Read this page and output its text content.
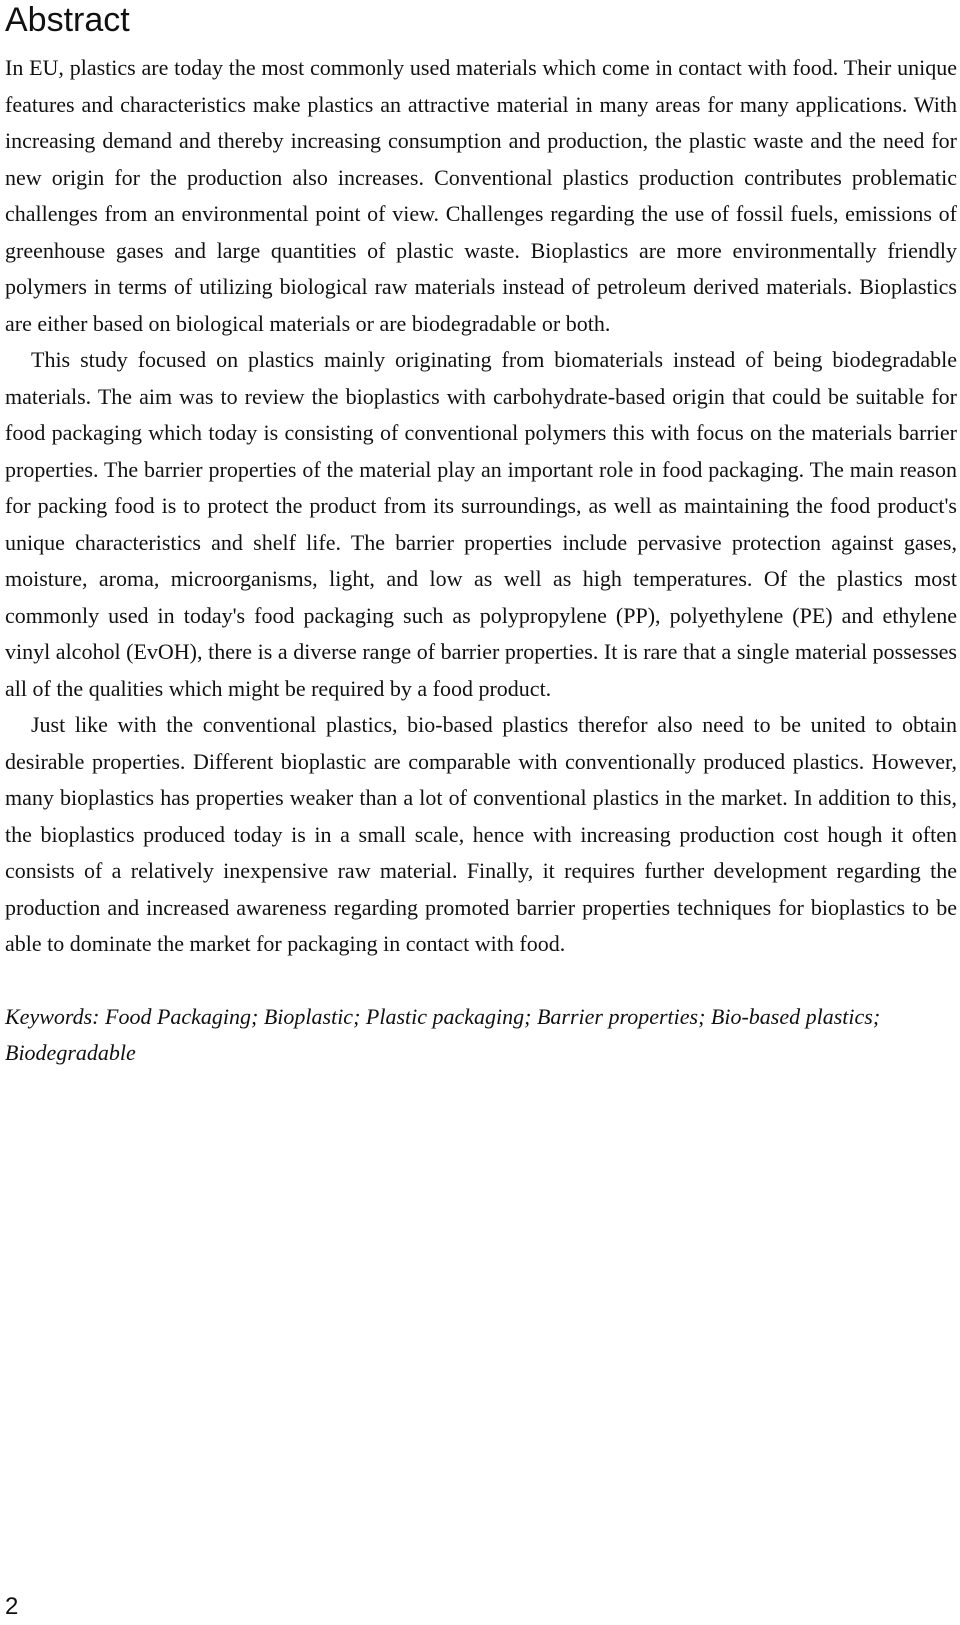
Abstract

In EU, plastics are today the most commonly used materials which come in contact with food. Their unique features and characteristics make plastics an attractive material in many areas for many applications. With increasing demand and thereby increasing consumption and production, the plastic waste and the need for new origin for the production also increases. Conventional plastics production contributes problematic challenges from an environmental point of view. Challenges regarding the use of fossil fuels, emissions of greenhouse gases and large quantities of plastic waste. Bioplastics are more environmentally friendly polymers in terms of utilizing biological raw materials instead of petroleum derived materials. Bioplastics are either based on biological materials or are biodegradable or both.

This study focused on plastics mainly originating from biomaterials instead of being biodegradable materials. The aim was to review the bioplastics with carbohydrate-based origin that could be suitable for food packaging which today is consisting of conventional polymers this with focus on the materials barrier properties. The barrier properties of the material play an important role in food packaging. The main reason for packing food is to protect the product from its surroundings, as well as maintaining the food product's unique characteristics and shelf life. The barrier properties include pervasive protection against gases, moisture, aroma, microorganisms, light, and low as well as high temperatures. Of the plastics most commonly used in today's food packaging such as polypropylene (PP), polyethylene (PE) and ethylene vinyl alcohol (EvOH), there is a diverse range of barrier properties. It is rare that a single material possesses all of the qualities which might be required by a food product.

Just like with the conventional plastics, bio-based plastics therefor also need to be united to obtain desirable properties. Different bioplastic are comparable with conventionally produced plastics. However, many bioplastics has properties weaker than a lot of conventional plastics in the market. In addition to this, the bioplastics produced today is in a small scale, hence with increasing production cost hough it often consists of a relatively inexpensive raw material. Finally, it requires further development regarding the production and increased awareness regarding promoted barrier properties techniques for bioplastics to be able to dominate the market for packaging in contact with food.

Keywords: Food Packaging; Bioplastic; Plastic packaging; Barrier properties; Bio-based plastics; Biodegradable

2
